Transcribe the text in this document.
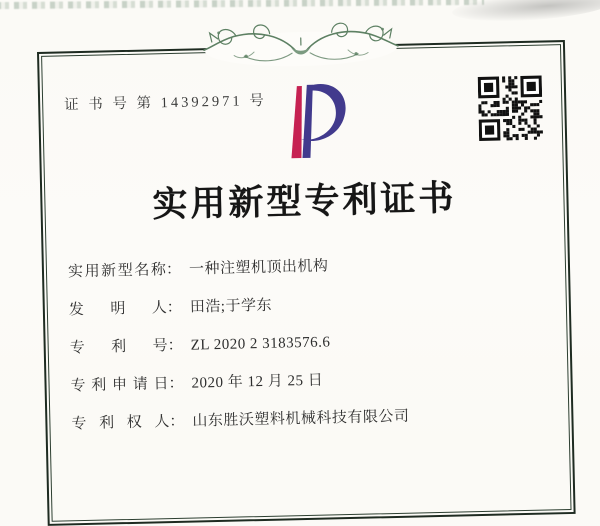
证 书 号 第 14392971 号
实用新型专利证书
实用新型名称： 一种注塑机顶出机构
发明人： 田浩;于学东
专利号： ZL 2020 2 3183576.6
专利申请日： 2020 年 12 月 25 日
专利权人： 山东胜沃塑料机械科技有限公司
